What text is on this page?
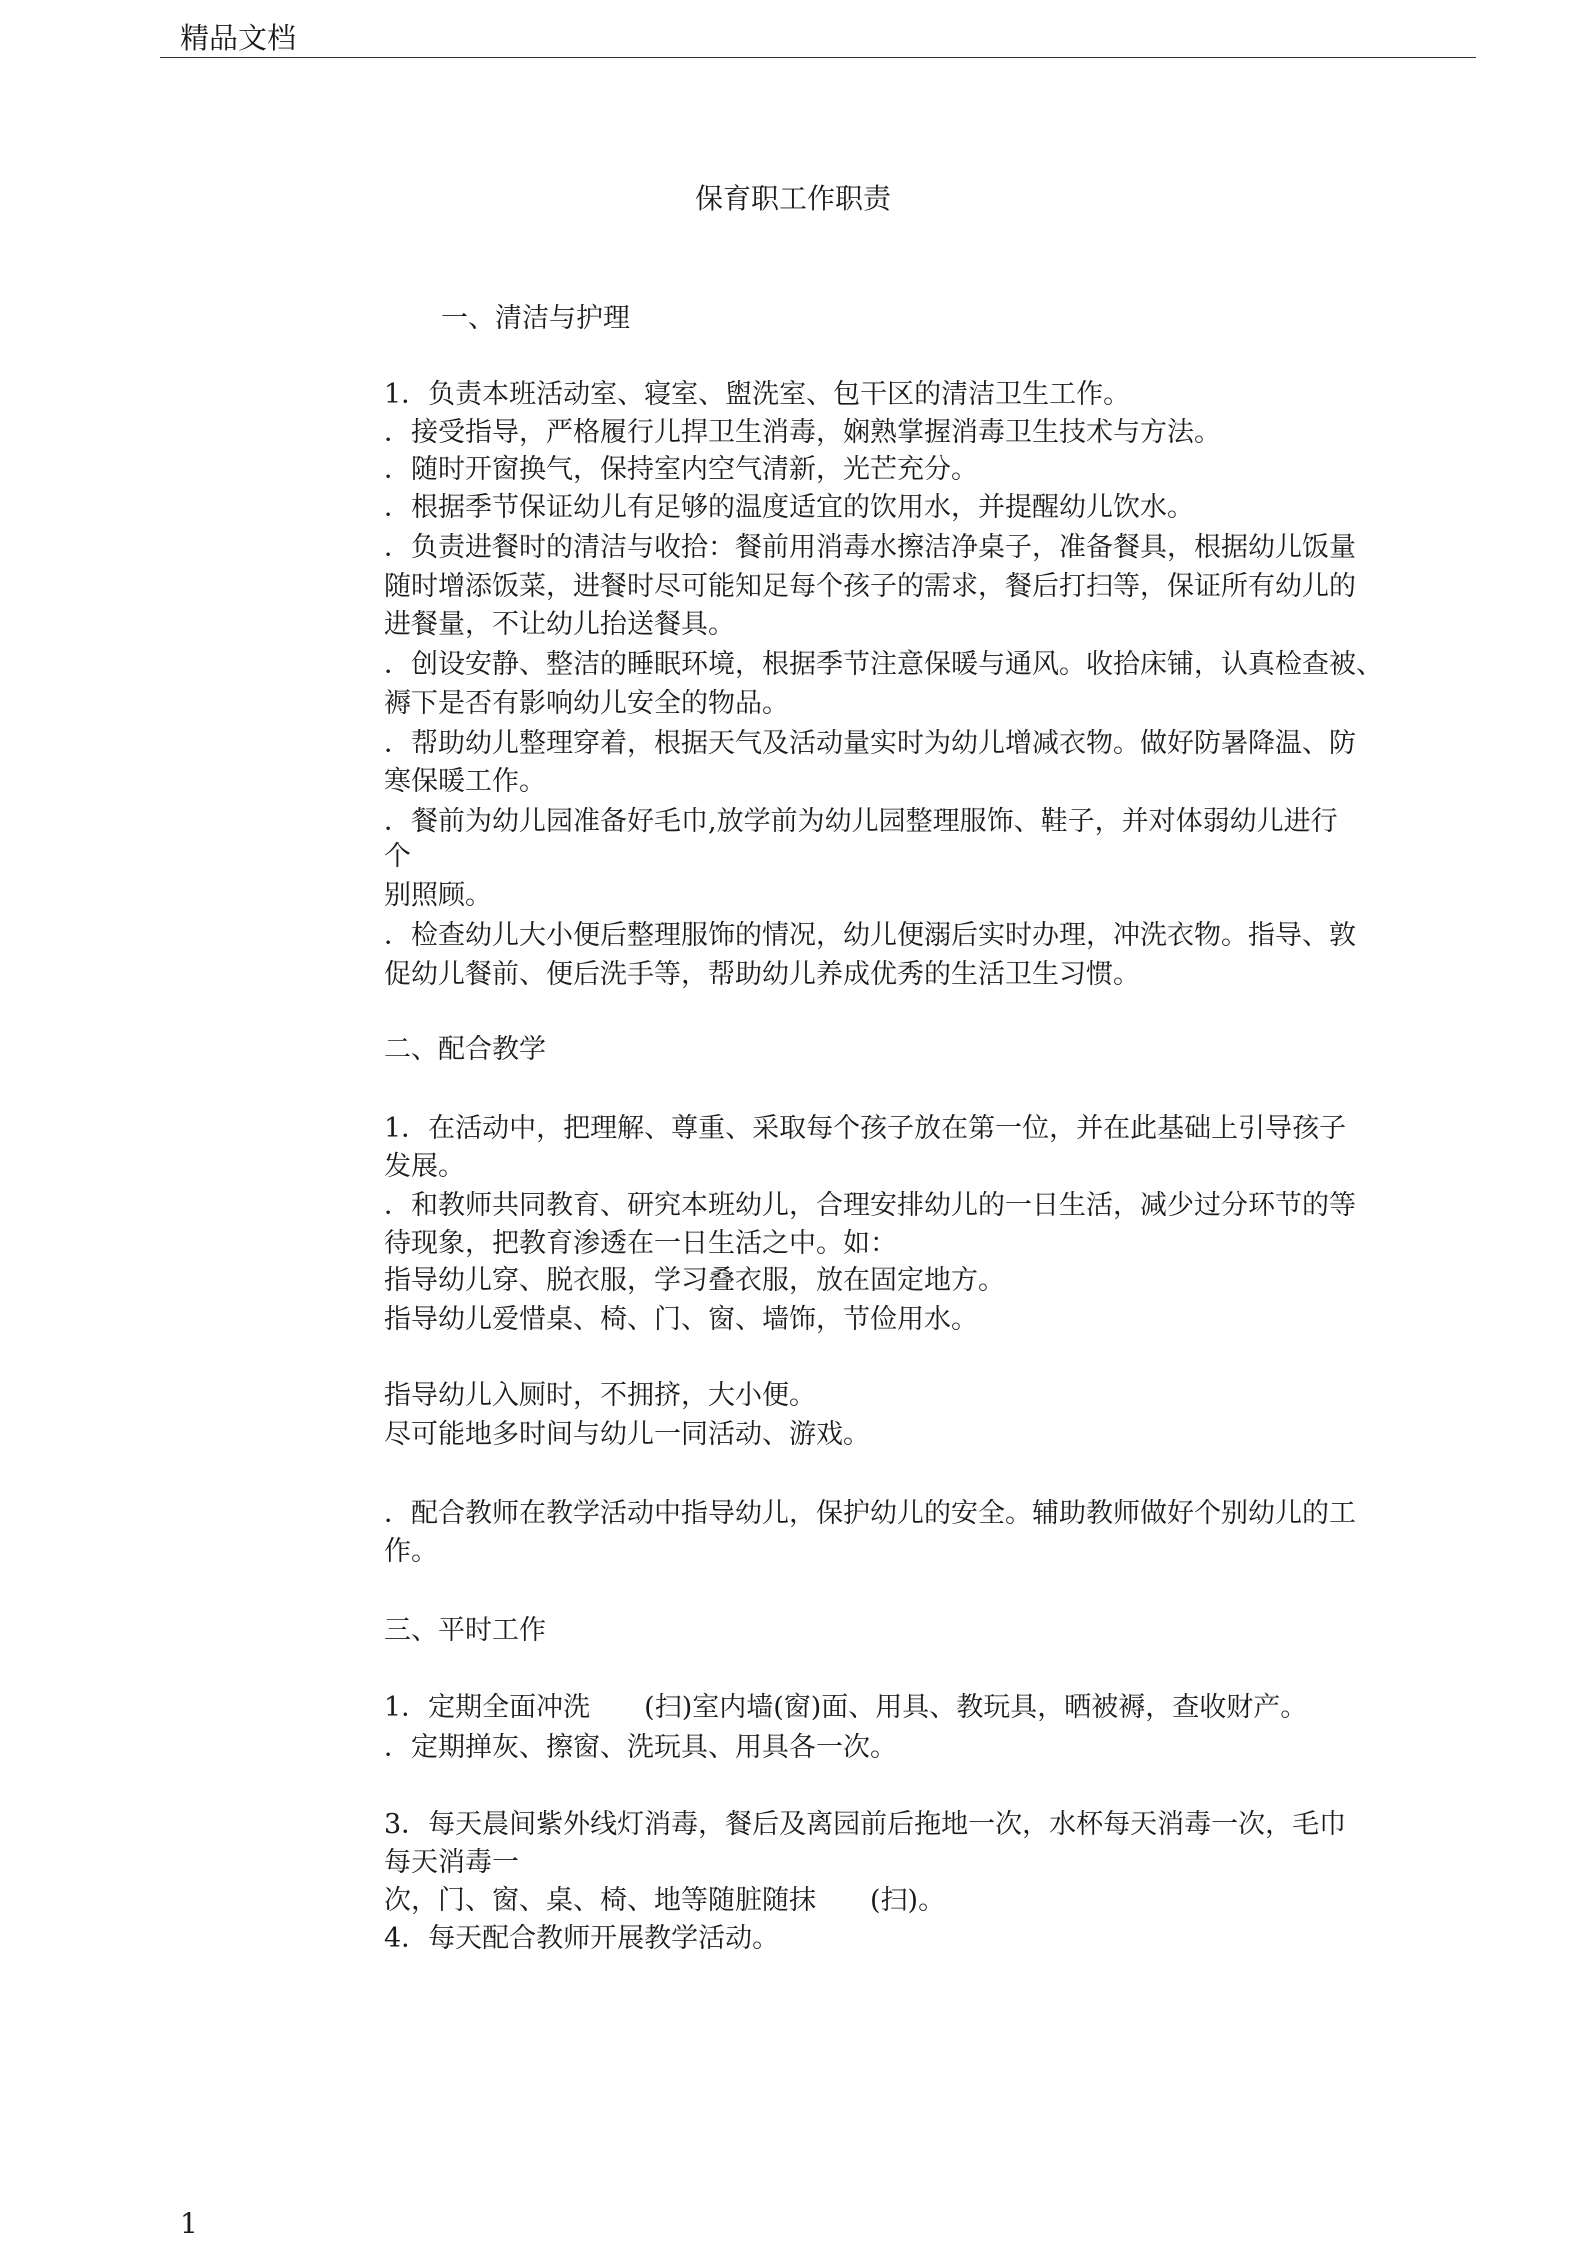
精品文档
保育职工作职责
一、清洁与护理
1．负责本班活动室、寝室、盥洗室、包干区的清洁卫生工作。
．接受指导，严格履行儿捍卫生消毒，娴熟掌握消毒卫生技术与方法。
．随时开窗换气，保持室内空气清新，光芒充分。
．根据季节保证幼儿有足够的温度适宜的饮用水，并提醒幼儿饮水。
．负责进餐时的清洁与收拾：餐前用消毒水擦洁净桌子，准备餐具，根据幼儿饭量
随时增添饭菜，进餐时尽可能知足每个孩子的需求，餐后打扫等，保证所有幼儿的
进餐量，不让幼儿抬送餐具。
．创设安静、整洁的睡眠环境，根据季节注意保暖与通风。收拾床铺，认真检查被、
褥下是否有影响幼儿安全的物品。
．帮助幼儿整理穿着，根据天气及活动量实时为幼儿增减衣物。做好防暑降温、防
寒保暖工作。
．餐前为幼儿园准备好毛巾,放学前为幼儿园整理服饰、鞋子，并对体弱幼儿进行
个
别照顾。
．检查幼儿大小便后整理服饰的情况，幼儿便溺后实时办理，冲洗衣物。指导、敦
促幼儿餐前、便后洗手等，帮助幼儿养成优秀的生活卫生习惯。
二、配合教学
1．在活动中，把理解、尊重、采取每个孩子放在第一位，并在此基础上引导孩子
发展。
．和教师共同教育、研究本班幼儿，合理安排幼儿的一日生活，减少过分环节的等
待现象，把教育渗透在一日生活之中。如：
指导幼儿穿、脱衣服，学习叠衣服，放在固定地方。
指导幼儿爱惜桌、椅、门、窗、墙饰，节俭用水。
指导幼儿入厕时，不拥挤，大小便。
尽可能地多时间与幼儿一同活动、游戏。
．配合教师在教学活动中指导幼儿，保护幼儿的安全。辅助教师做好个别幼儿的工
作。
三、平时工作
1．定期全面冲洗　　(扫)室内墙(窗)面、用具、教玩具，晒被褥，查收财产。
．定期掸灰、擦窗、洗玩具、用具各一次。
3．每天晨间紫外线灯消毒，餐后及离园前后拖地一次，水杯每天消毒一次，毛巾
每天消毒一
次，门、窗、桌、椅、地等随脏随抹　　(扫)。
4．每天配合教师开展教学活动。
1
